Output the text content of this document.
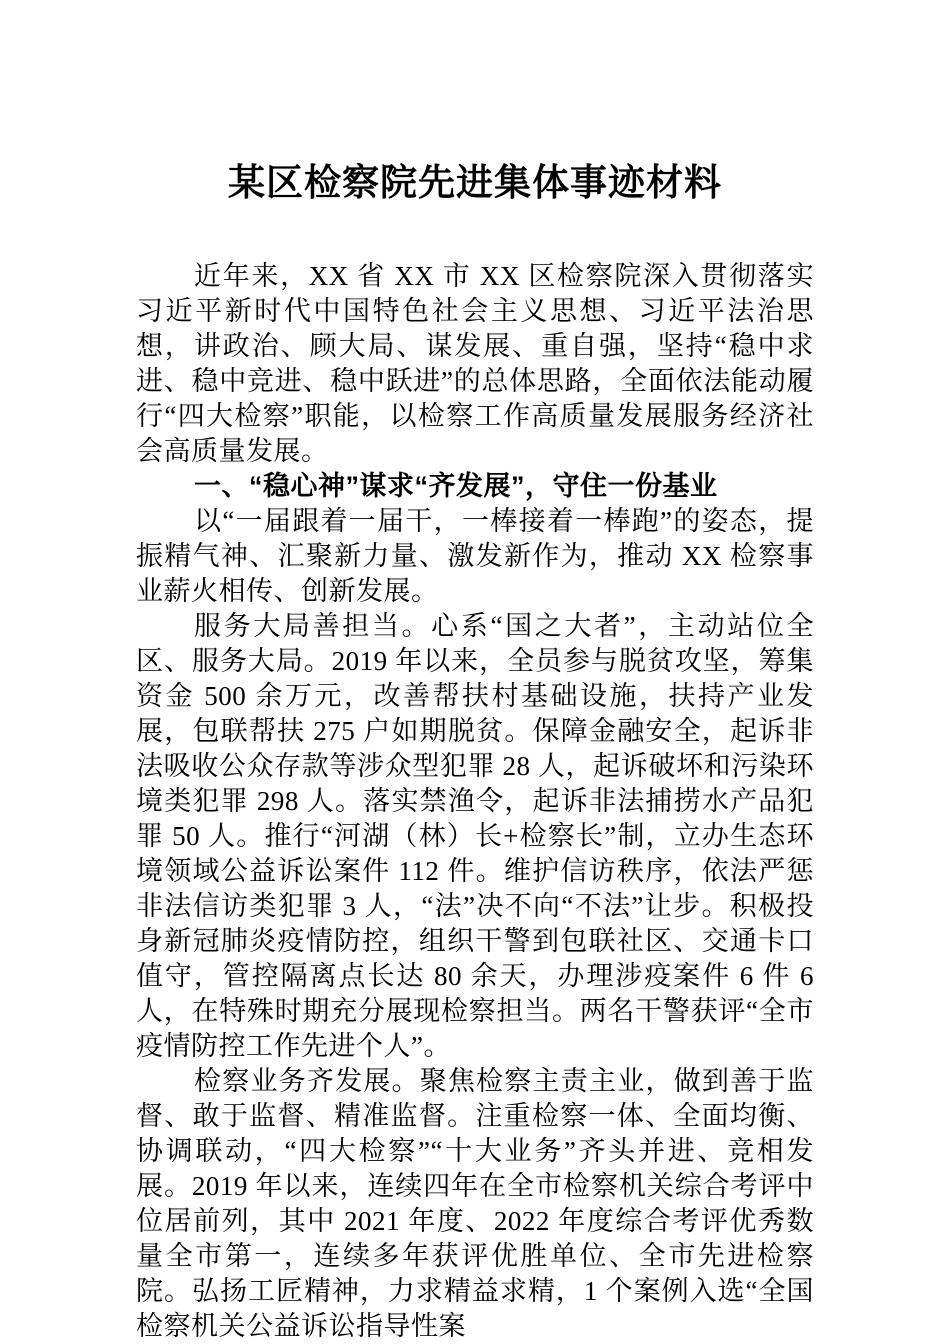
某区检察院先进集体事迹材料

近年来，XX 省 XX 市 XX 区检察院深入贯彻落实习近平新时代中国特色社会主义思想、习近平法治思想，讲政治、顾大局、谋发展、重自强，坚持“稳中求进、稳中竞进、稳中跃进”的总体思路，全面依法能动履行“四大检察”职能，以检察工作高质量发展服务经济社会高质量发展。

一、“稳心神”谋求“齐发展”，守住一份基业

以“一届跟着一届干，一棒接着一棒跑”的姿态，提振精气神、汇聚新力量、激发新作为，推动 XX 检察事业薪火相传、创新发展。

服务大局善担当。心系“国之大者”，主动站位全区、服务大局。2019 年以来，全员参与脱贫攻坚，筹集资金 500 余万元，改善帮扶村基础设施，扶持产业发展，包联帮扶 275 户如期脱贫。保障金融安全，起诉非法吸收公众存款等涉众型犯罪 28 人，起诉破坏和污染环境类犯罪 298 人。落实禁渔令，起诉非法捕捞水产品犯罪 50 人。推行“河湖（林）长+检察长”制，立办生态环境领域公益诉讼案件 112 件。维护信访秩序，依法严惩非法信访类犯罪 3 人，“法”决不向“不法”让步。积极投身新冠肺炎疫情防控，组织干警到包联社区、交通卡口值守，管控隔离点长达 80 余天，办理涉疫案件 6 件 6 人，在特殊时期充分展现检察担当。两名干警获评“全市疫情防控工作先进个人”。

检察业务齐发展。聚焦检察主责主业，做到善于监督、敢于监督、精准监督。注重检察一体、全面均衡、协调联动，“四大检察”“十大业务”齐头并进、竞相发展。2019 年以来，连续四年在全市检察机关综合考评中位居前列，其中 2021 年度、2022 年度综合考评优秀数量全市第一，连续多年获评优胜单位、全市先进检察院。弘扬工匠精神，力求精益求精，1 个案例入选“全国检察机关公益诉讼指导性案
